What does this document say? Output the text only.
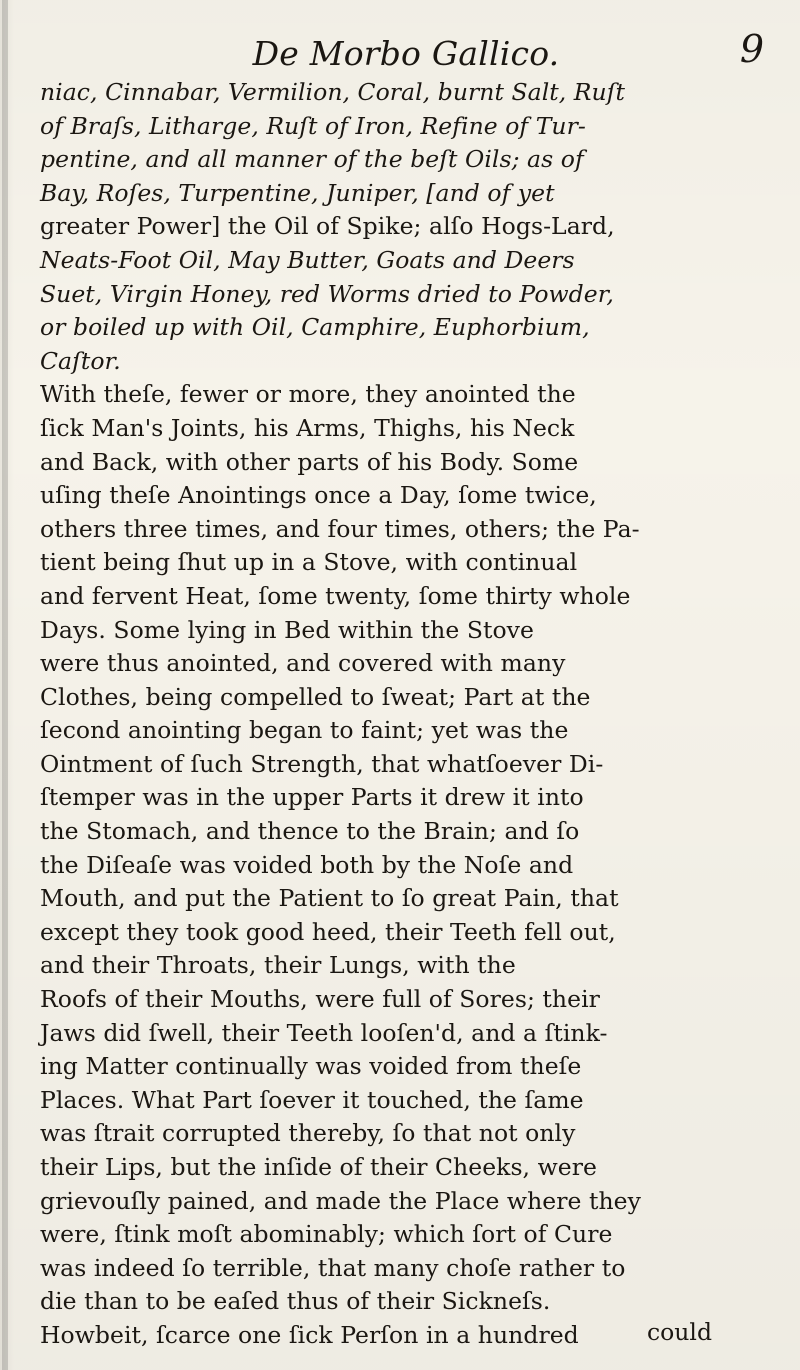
De Morbo Gallico.	9
niac, Cinnabar, Vermilion, Coral, burnt Salt, Ruſt
of Braſs, Litharge, Ruſt of Iron, Refine of Tur-
pentine, and all manner of the beſt Oils; as of
Bay, Roſes, Turpentine, Juniper, [and of yet
greater Power] the Oil of Spike; alſo Hogs-Lard,
Neats-Foot Oil, May Butter, Goats and Deers
Suet, Virgin Honey, red Worms dried to Powder,
or boiled up with Oil, Camphire, Euphorbium,
Caſtor.
With theſe, fewer or more, they anointed the
ſick Man's Joints, his Arms, Thighs, his Neck
and Back, with other parts of his Body. Some
uſing theſe Anointings once a Day, ſome twice,
others three times, and four times, others; the Pa-
tient being ſhut up in a Stove, with continual
and fervent Heat, ſome twenty, ſome thirty whole
Days. Some lying in Bed within the Stove
were thus anointed, and covered with many
Clothes, being compelled to ſweat; Part at the
ſecond anointing began to faint; yet was the
Ointment of ſuch Strength, that whatſoever Di-
ſtemper was in the upper Parts it drew it into
the Stomach, and thence to the Brain; and ſo
the Diſeaſe was voided both by the Noſe and
Mouth, and put the Patient to ſo great Pain, that
except they took good heed, their Teeth fell out,
and their Throats, their Lungs, with the
Roofs of their Mouths, were full of Sores; their
Jaws did ſwell, their Teeth looſen'd, and a ſtink-
ing Matter continually was voided from theſe
Places. What Part ſoever it touched, the ſame
was ſtrait corrupted thereby, ſo that not only
their Lips, but the inſide of their Cheeks, were
grievouſly pained, and made the Place where they
were, ſtink moſt abominably; which ſort of Cure
was indeed ſo terrible, that many choſe rather to
die than to be eaſed thus of their Sickneſs.
Howbeit, ſcarce one ſick Perſon in a hundred	could
